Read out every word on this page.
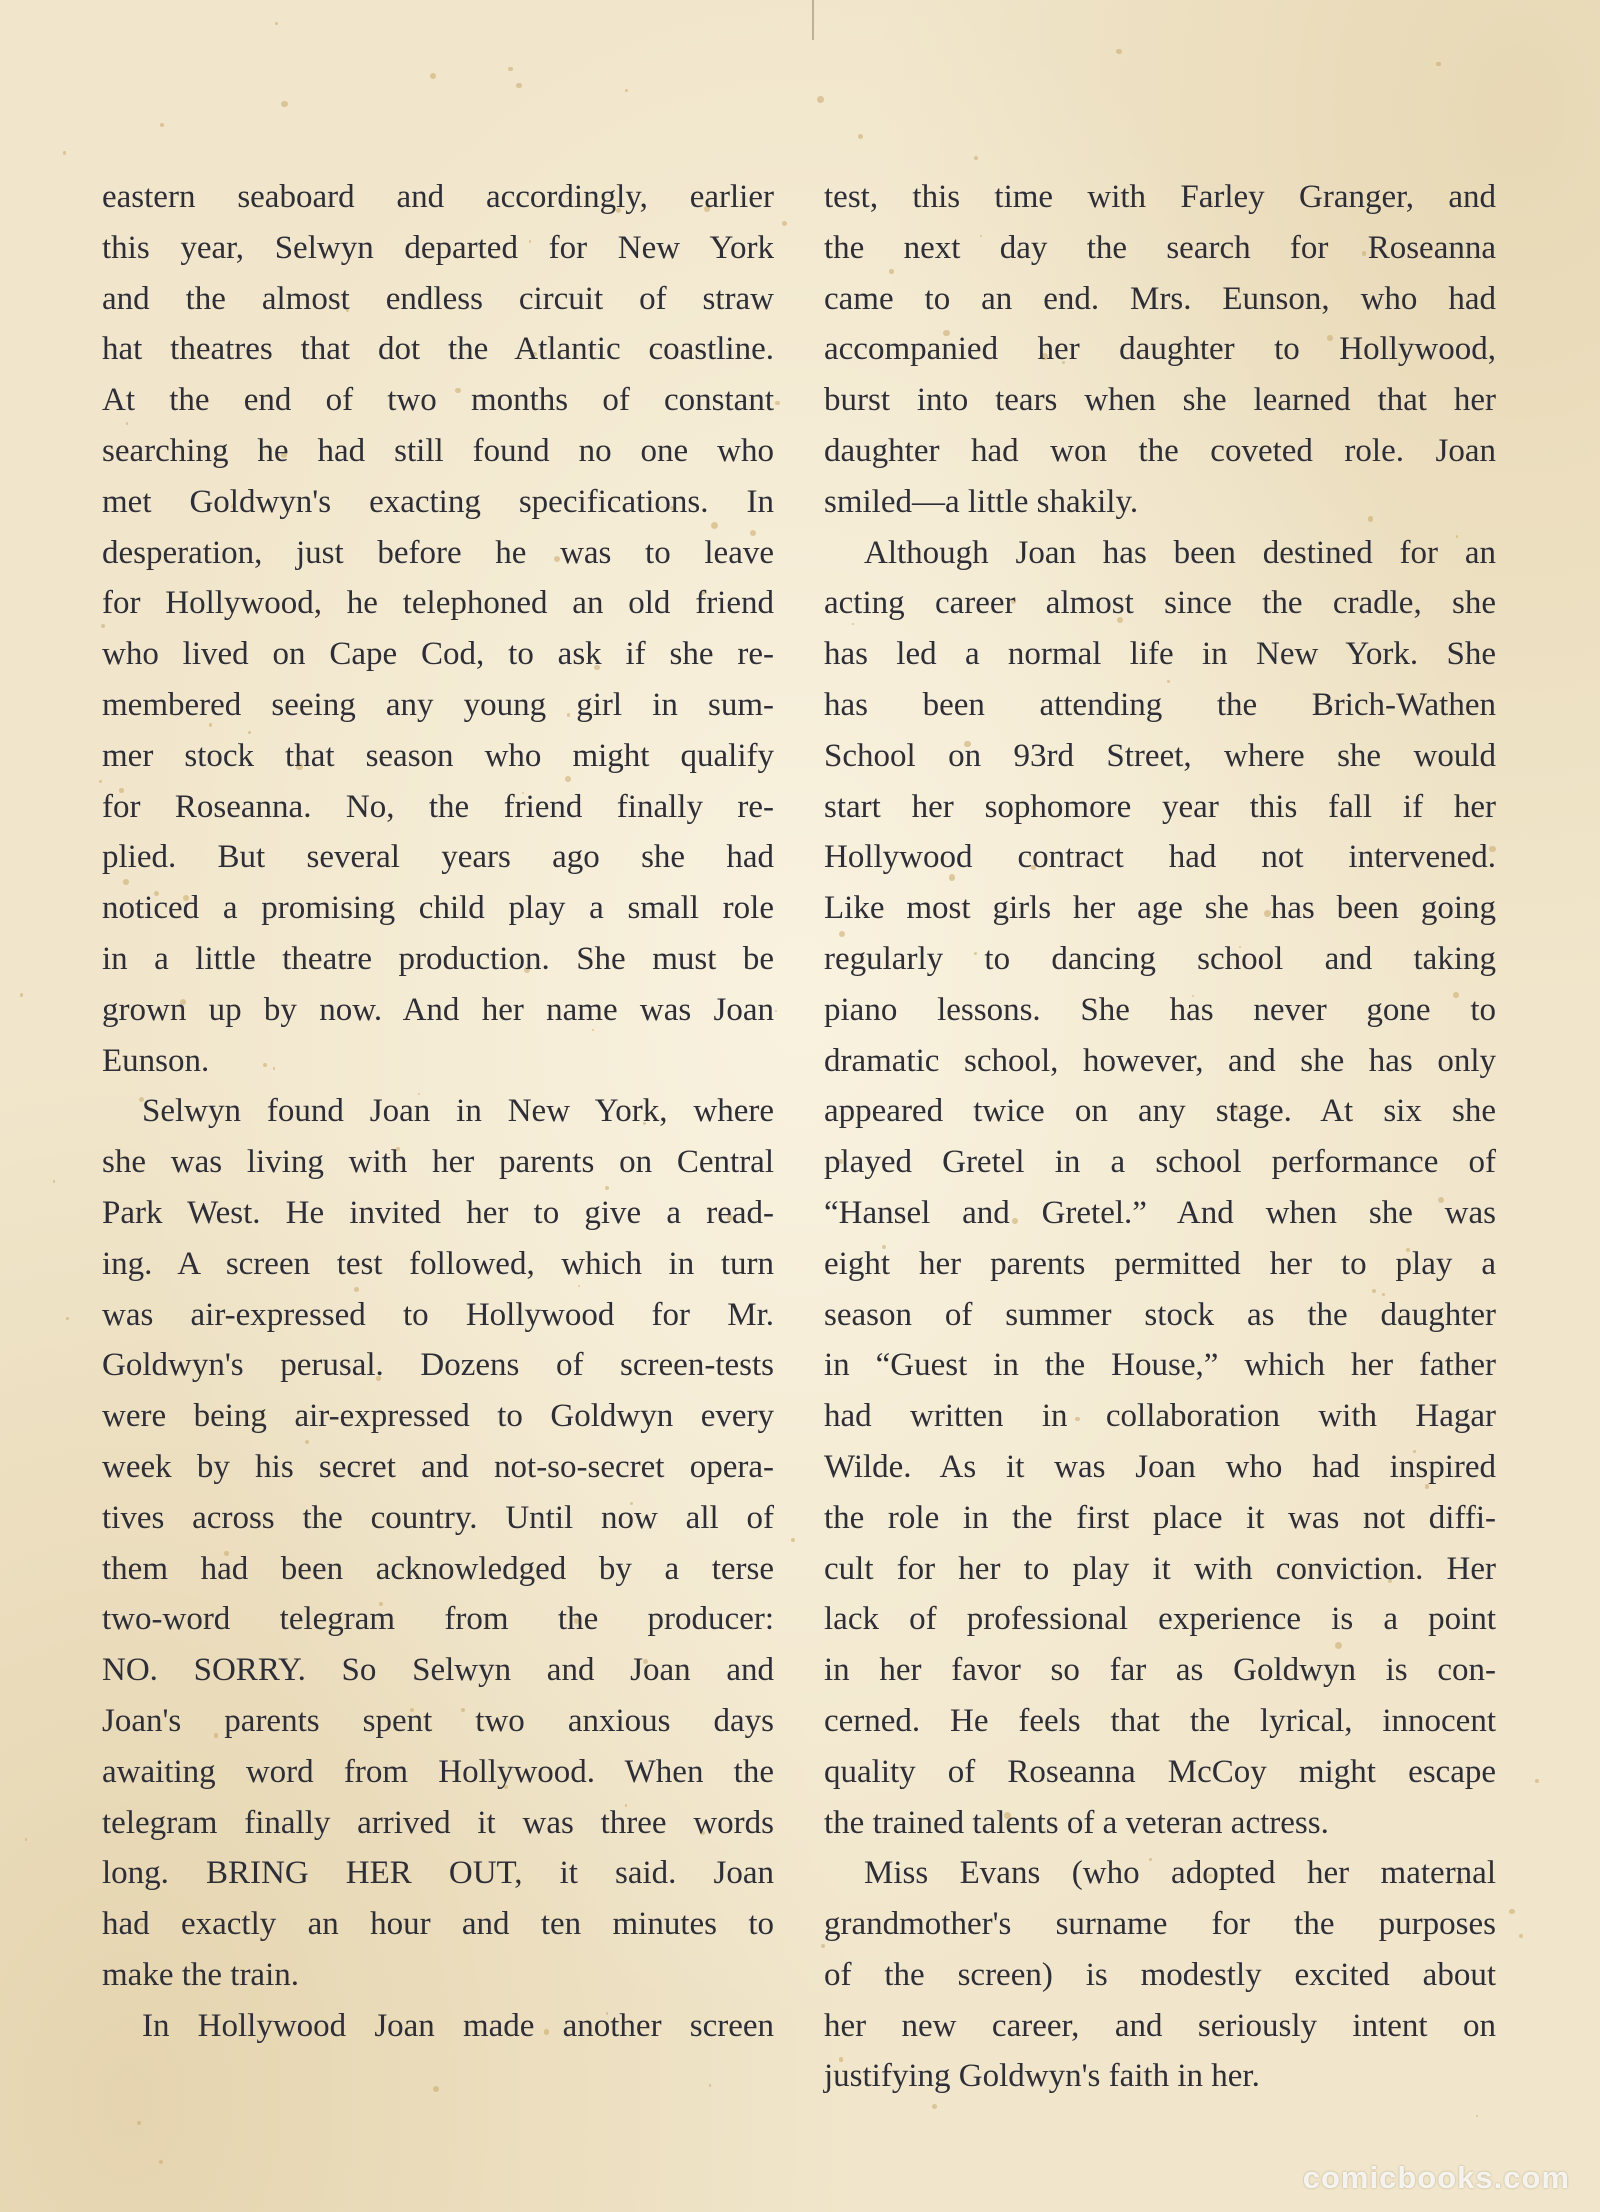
eastern seaboard and accordingly, earlier
this year, Selwyn departed for New York
and the almost endless circuit of straw
hat theatres that dot the Atlantic coastline.
At the end of two months of constant
searching he had still found no one who
met Goldwyn's exacting specifications. In
desperation, just before he was to leave
for Hollywood, he telephoned an old friend
who lived on Cape Cod, to ask if she re-
membered seeing any young girl in sum-
mer stock that season who might qualify
for Roseanna. No, the friend finally re-
plied. But several years ago she had
noticed a promising child play a small role
in a little theatre production. She must be
grown up by now. And her name was Joan
Eunson.
Selwyn found Joan in New York, where
she was living with her parents on Central
Park West. He invited her to give a read-
ing. A screen test followed, which in turn
was air-expressed to Hollywood for Mr.
Goldwyn's perusal. Dozens of screen-tests
were being air-expressed to Goldwyn every
week by his secret and not-so-secret opera-
tives across the country. Until now all of
them had been acknowledged by a terse
two-word telegram from the producer:
NO. SORRY. So Selwyn and Joan and
Joan's parents spent two anxious days
awaiting word from Hollywood. When the
telegram finally arrived it was three words
long. BRING HER OUT, it said. Joan
had exactly an hour and ten minutes to
make the train.
In Hollywood Joan made another screen
test, this time with Farley Granger, and
the next day the search for Roseanna
came to an end. Mrs. Eunson, who had
accompanied her daughter to Hollywood,
burst into tears when she learned that her
daughter had won the coveted role. Joan
smiled—a little shakily.
Although Joan has been destined for an
acting career almost since the cradle, she
has led a normal life in New York. She
has been attending the Brich-Wathen
School on 93rd Street, where she would
start her sophomore year this fall if her
Hollywood contract had not intervened.
Like most girls her age she has been going
regularly to dancing school and taking
piano lessons. She has never gone to
dramatic school, however, and she has only
appeared twice on any stage. At six she
played Gretel in a school performance of
“Hansel and Gretel.” And when she was
eight her parents permitted her to play a
season of summer stock as the daughter
in “Guest in the House,” which her father
had written in collaboration with Hagar
Wilde. As it was Joan who had inspired
the role in the first place it was not diffi-
cult for her to play it with conviction. Her
lack of professional experience is a point
in her favor so far as Goldwyn is con-
cerned. He feels that the lyrical, innocent
quality of Roseanna McCoy might escape
the trained talents of a veteran actress.
Miss Evans (who adopted her maternal
grandmother's surname for the purposes
of the screen) is modestly excited about
her new career, and seriously intent on
justifying Goldwyn's faith in her.
comicbooks.com
